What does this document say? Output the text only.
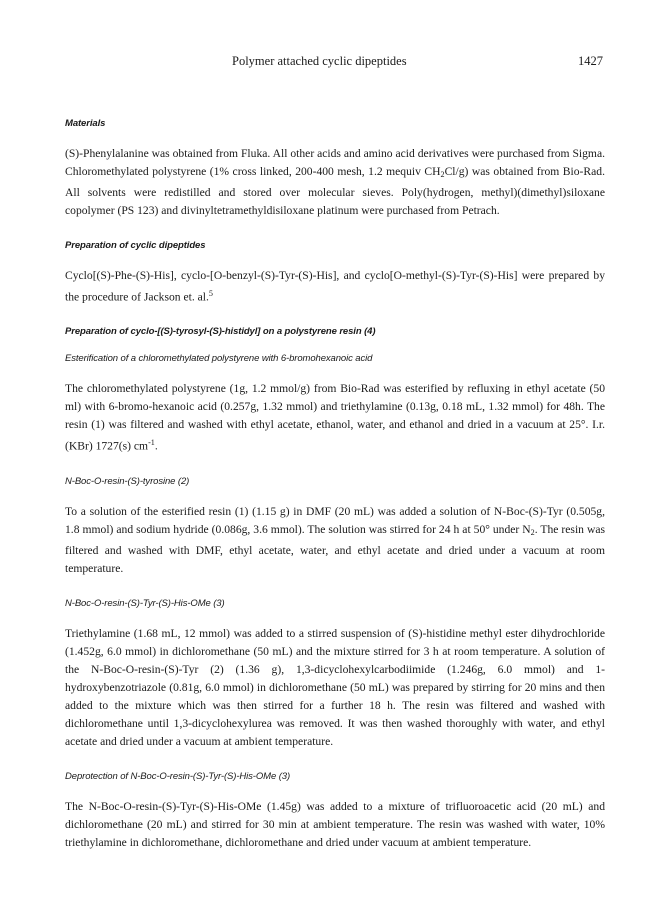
Polymer attached cyclic dipeptides	1427

Materials

(S)-Phenylalanine was obtained from Fluka. All other acids and amino acid derivatives were purchased from Sigma. Chloromethylated polystyrene (1% cross linked, 200-400 mesh, 1.2 mequiv $CH_2Cl/g$) was obtained from Bio-Rad. All solvents were redistilled and stored over molecular sieves. Poly(hydrogen, methyl)(dimethyl)siloxane copolymer (PS 123) and divinyltetramethyldisiloxane platinum were purchased from Petrach.

Preparation of cyclic dipeptides

Cyclo[(S)-Phe-(S)-His], cyclo-[O-benzyl-(S)-Tyr-(S)-His], and cyclo[O-methyl-(S)-Tyr-(S)-His] were prepared by the procedure of Jackson et. al.$^5$

Preparation of cyclo-[(S)-tyrosyl-(S)-histidyl] on a polystyrene resin (4)

Esterification of a chloromethylated polystyrene with 6-bromohexanoic acid

The chloromethylated polystyrene (1g, 1.2 mmol/g) from Bio-Rad was esterified by refluxing in ethyl acetate (50 ml) with 6-bromo-hexanoic acid (0.257g, 1.32 mmol) and triethylamine (0.13g, 0.18 mL, 1.32 mmol) for 48h. The resin (1) was filtered and washed with ethyl acetate, ethanol, water, and ethanol and dried in a vacuum at 25°. I.r. (KBr) 1727(s) $cm^{-1}$.

N-Boc-O-resin-(S)-tyrosine (2)

To a solution of the esterified resin (1) (1.15 g) in DMF (20 mL) was added a solution of N-Boc-(S)-Tyr (0.505g, 1.8 mmol) and sodium hydride (0.086g, 3.6 mmol). The solution was stirred for 24 h at 50° under $N_2$. The resin was filtered and washed with DMF, ethyl acetate, water, and ethyl acetate and dried under a vacuum at room temperature.

N-Boc-O-resin-(S)-Tyr-(S)-His-OMe (3)

Triethylamine (1.68 mL, 12 mmol) was added to a stirred suspension of (S)-histidine methyl ester dihydrochloride (1.452g, 6.0 mmol) in dichloromethane (50 mL) and the mixture stirred for 3 h at room temperature. A solution of the N-Boc-O-resin-(S)-Tyr (2) (1.36 g), 1,3-dicyclohexylcarbodiimide (1.246g, 6.0 mmol) and 1-hydroxybenzotriazole (0.81g, 6.0 mmol) in dichloromethane (50 mL) was prepared by stirring for 20 mins and then added to the mixture which was then stirred for a further 18 h. The resin was filtered and washed with dichloromethane until 1,3-dicyclohexylurea was removed. It was then washed thoroughly with water, and ethyl acetate and dried under a vacuum at ambient temperature.

Deprotection of N-Boc-O-resin-(S)-Tyr-(S)-His-OMe (3)

The N-Boc-O-resin-(S)-Tyr-(S)-His-OMe (1.45g) was added to a mixture of trifluoroacetic acid (20 mL) and dichloromethane (20 mL) and stirred for 30 min at ambient temperature. The resin was washed with water, 10% triethylamine in dichloromethane, dichloromethane and dried under vacuum at ambient temperature.
